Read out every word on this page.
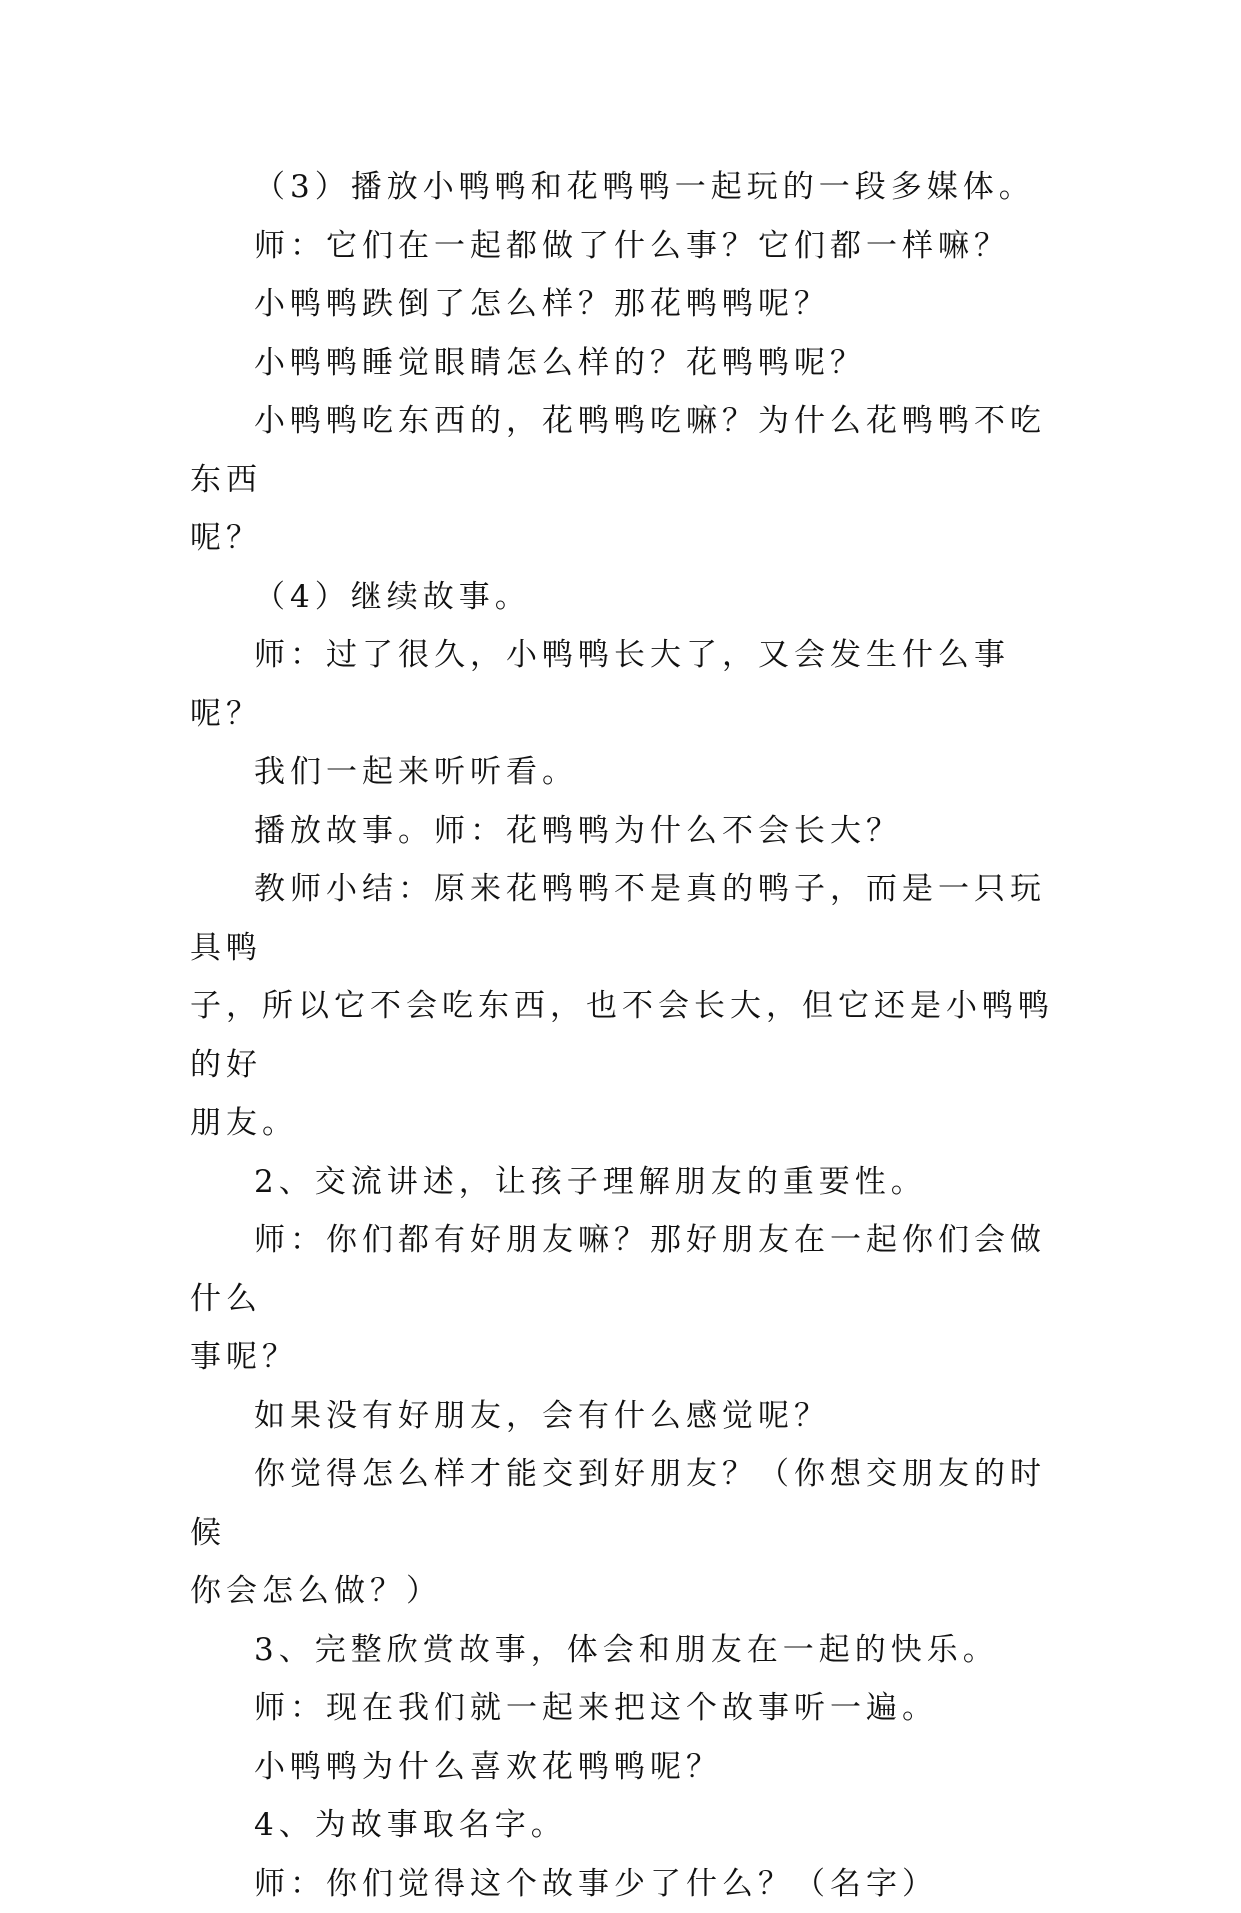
（3）播放小鸭鸭和花鸭鸭一起玩的一段多媒体。

师：它们在一起都做了什么事？它们都一样嘛？

小鸭鸭跌倒了怎么样？那花鸭鸭呢？

小鸭鸭睡觉眼睛怎么样的？花鸭鸭呢？

小鸭鸭吃东西的，花鸭鸭吃嘛？为什么花鸭鸭不吃东西

呢？

（4）继续故事。

师：过了很久，小鸭鸭长大了，又会发生什么事呢？

我们一起来听听看。

播放故事。师：花鸭鸭为什么不会长大？

教师小结：原来花鸭鸭不是真的鸭子，而是一只玩具鸭

子，所以它不会吃东西，也不会长大，但它还是小鸭鸭的好

朋友。

2、交流讲述，让孩子理解朋友的重要性。

师：你们都有好朋友嘛？那好朋友在一起你们会做什么

事呢？

如果没有好朋友，会有什么感觉呢？

你觉得怎么样才能交到好朋友？（你想交朋友的时候

你会怎么做？）

3、完整欣赏故事，体会和朋友在一起的快乐。

师：现在我们就一起来把这个故事听一遍。

小鸭鸭为什么喜欢花鸭鸭呢？

4、为故事取名字。

师：你们觉得这个故事少了什么？（名字）
